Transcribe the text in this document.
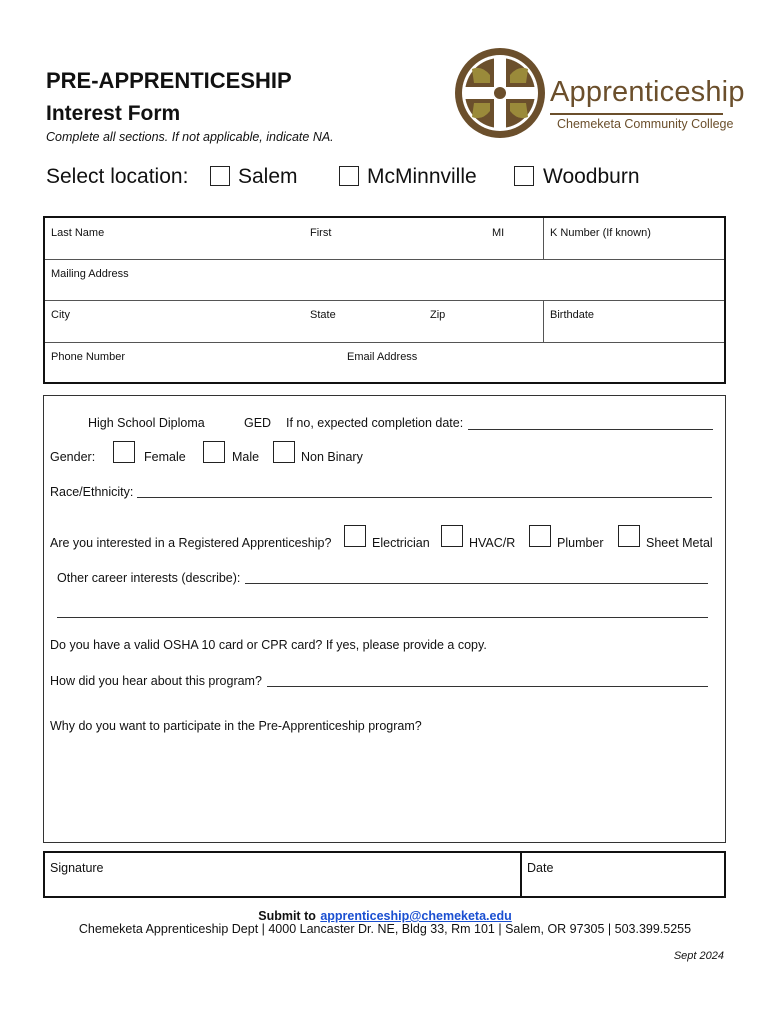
PRE-APPRENTICESHIP
Interest Form
Complete all sections. If not applicable, indicate NA.
Apprenticeship
Chemeketa Community College
Select location: Salem	McMinnville	Woodburn
Last Name	First	MI	K Number (If known)
Mailing Address
City	State	Zip	Birthdate
Phone Number	Email Address
High School Diploma	GED If no, expected completion date:
Gender:	Female	Male	Non Binary
Race/Ethnicity:
Are you interested in a Registered Apprenticeship?	Electrician	HVAC/R	Plumber	Sheet Metal
Other career interests (describe):
Do you have a valid OSHA 10 card or CPR card? If yes, please provide a copy.
How did you hear about this program?
Why do you want to participate in the Pre-Apprenticeship program?
Signature	Date
Submit to apprenticeship@chemeketa.edu
Chemeketa Apprenticeship Dept | 4000 Lancaster Dr. NE, Bldg 33, Rm 101 | Salem, OR 97305 | 503.399.5255
Sept 2024
